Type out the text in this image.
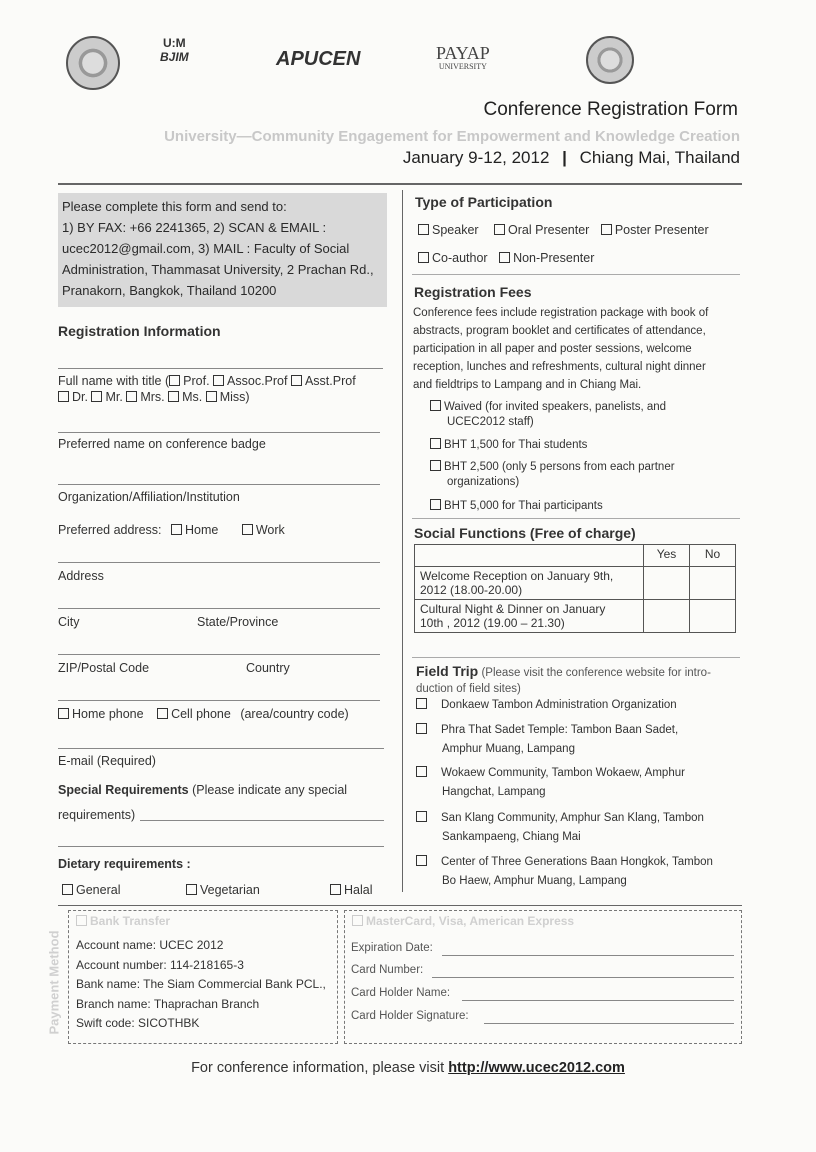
U:M
BJIM	APUCEN	PAYAP
UNIVERSITY
Conference Registration Form
University—Community Engagement for Empowerment and Knowledge Creation
January 9-12, 2012 | Chiang Mai, Thailand
Please complete this form and send to:
1) BY FAX: +66 2241365, 2) SCAN & EMAIL :
ucec2012@gmail.com, 3) MAIL : Faculty of Social
Administration, Thammasat University, 2 Prachan Rd.,
Pranakorn, Bangkok, Thailand 10200
Registration Information
Full name with title ( Prof. Assoc.Prof Asst.Prof
Dr. Mr. Mrs. Ms. Miss)
Preferred name on conference badge
Organization/Affiliation/Institution
Preferred address: Home	Work
Address
City	State/Province
ZIP/Postal Code	Country
Home phone Cell phone (area/country code)
E-mail (Required)
Special Requirements (Please indicate any special
requirements)
Dietary requirements :
General	Vegetarian	Halal
Type of Participation
Speaker Oral Presenter Poster Presenter
Co-author Non-Presenter
Registration Fees
Conference fees include registration package with book of
abstracts, program booklet and certificates of attendance,
participation in all paper and poster sessions, welcome
reception, lunches and refreshments, cultural night dinner
and fieldtrips to Lampang and in Chiang Mai.
Waived (for invited speakers, panelists, and
UCEC2012 staff)
BHT 1,500 for Thai students
BHT 2,500 (only 5 persons from each partner
organizations)
BHT 5,000 for Thai participants
Social Functions (Free of charge)
	Yes	No

Welcome Reception on January 9th,
2012 (18.00-20.00)		

Cultural Night & Dinner on January
10th , 2012 (19.00 – 21.30)		

Field Trip (Please visit the conference website for intro-
duction of field sites)
Donkaew Tambon Administration Organization
Phra That Sadet Temple: Tambon Baan Sadet,
Amphur Muang, Lampang
Wokaew Community, Tambon Wokaew, Amphur
Hangchat, Lampang
San Klang Community, Amphur San Klang, Tambon
Sankampaeng, Chiang Mai
Center of Three Generations Baan Hongkok, Tambon
Bo Haew, Amphur Muang, Lampang
Payment Method
Bank Transfer
Account name: UCEC 2012
Account number: 114-218165-3
Bank name: The Siam Commercial Bank PCL.,
Branch name: Thaprachan Branch
Swift code: SICOTHBK
MasterCard, Visa, American Express
Expiration Date:
Card Number:
Card Holder Name:
Card Holder Signature:
For conference information, please visit http://www.ucec2012.com
